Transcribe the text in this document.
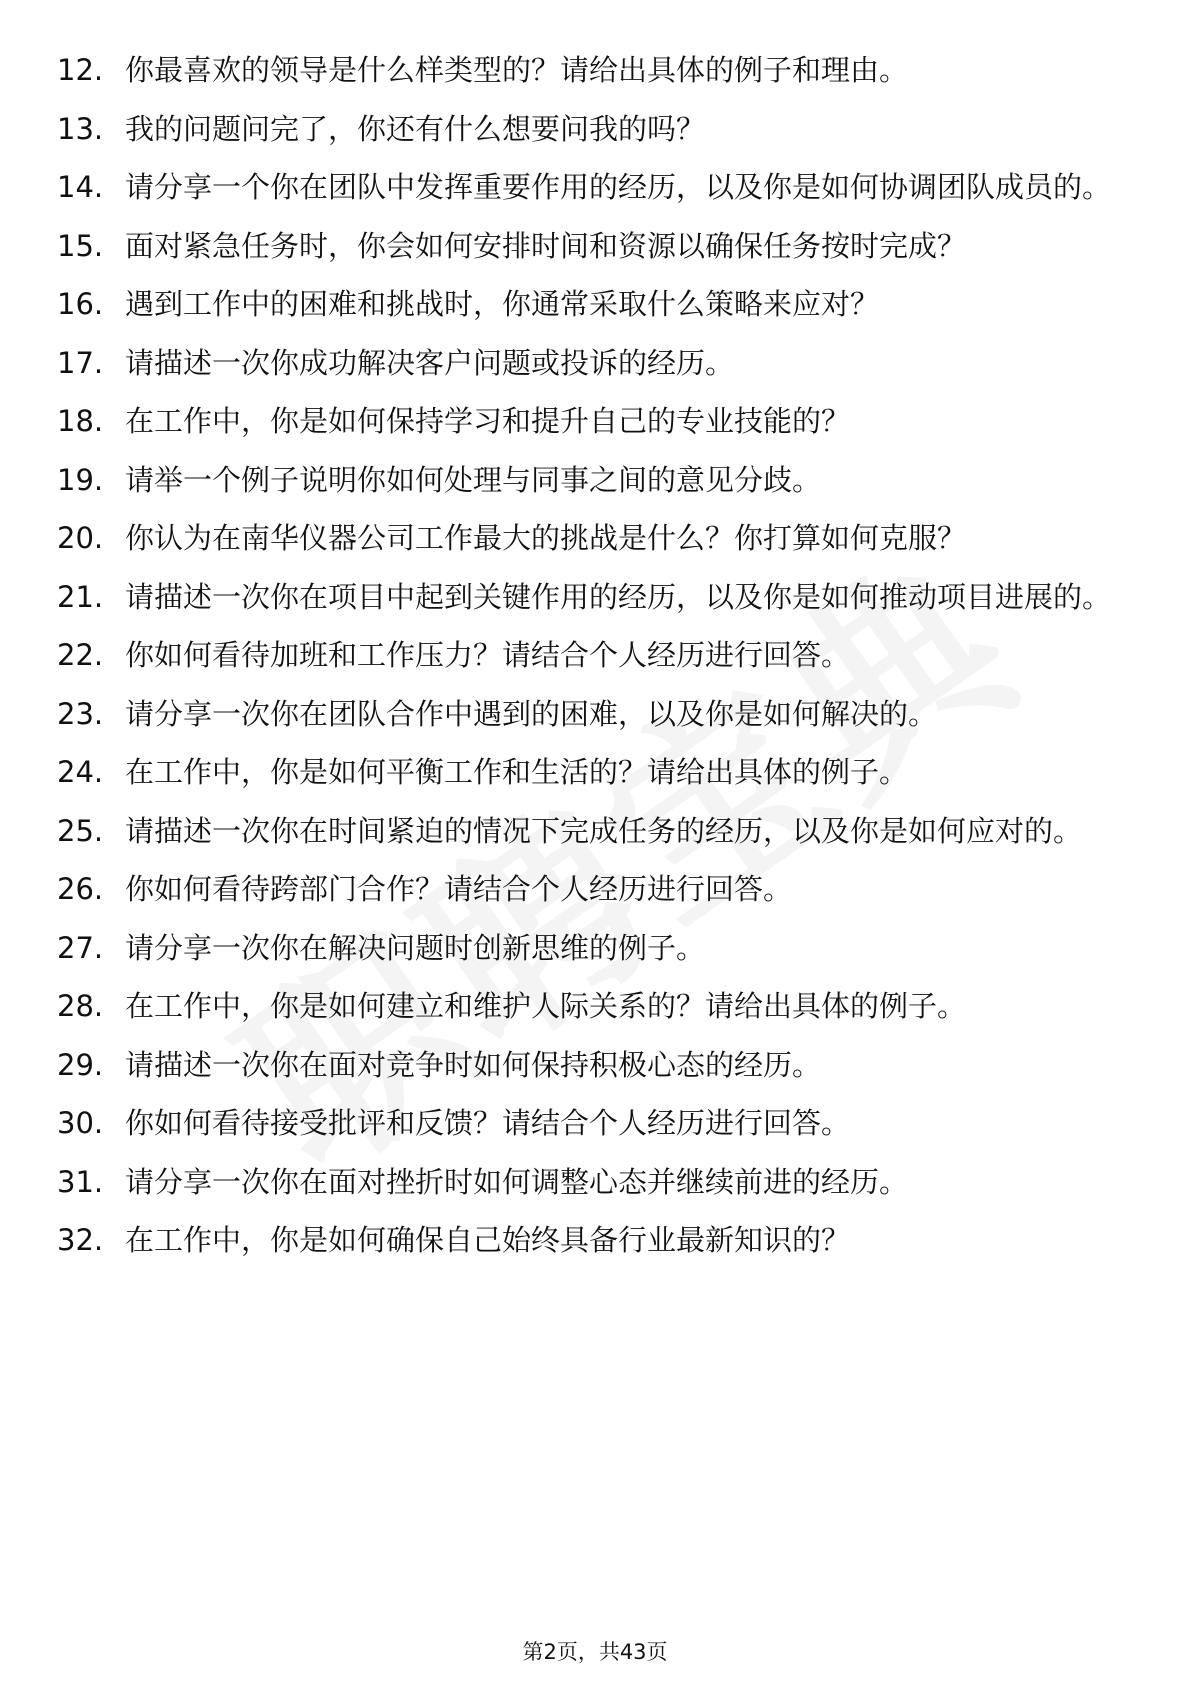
12. 你最喜欢的领导是什么样类型的？请给出具体的例子和理由。
13. 我的问题问完了，你还有什么想要问我的吗？
14. 请分享一个你在团队中发挥重要作用的经历，以及你是如何协调团队成员的。
15. 面对紧急任务时，你会如何安排时间和资源以确保任务按时完成？
16. 遇到工作中的困难和挑战时，你通常采取什么策略来应对？
17. 请描述一次你成功解决客户问题或投诉的经历。
18. 在工作中，你是如何保持学习和提升自己的专业技能的？
19. 请举一个例子说明你如何处理与同事之间的意见分歧。
20. 你认为在南华仪器公司工作最大的挑战是什么？你打算如何克服？
21. 请描述一次你在项目中起到关键作用的经历，以及你是如何推动项目进展的。
22. 你如何看待加班和工作压力？请结合个人经历进行回答。
23. 请分享一次你在团队合作中遇到的困难，以及你是如何解决的。
24. 在工作中，你是如何平衡工作和生活的？请给出具体的例子。
25. 请描述一次你在时间紧迫的情况下完成任务的经历，以及你是如何应对的。
26. 你如何看待跨部门合作？请结合个人经历进行回答。
27. 请分享一次你在解决问题时创新思维的例子。
28. 在工作中，你是如何建立和维护人际关系的？请给出具体的例子。
29. 请描述一次你在面对竞争时如何保持积极心态的经历。
30. 你如何看待接受批评和反馈？请结合个人经历进行回答。
31. 请分享一次你在面对挫折时如何调整心态并继续前进的经历。
32. 在工作中，你是如何确保自己始终具备行业最新知识的？
第2页，共43页
